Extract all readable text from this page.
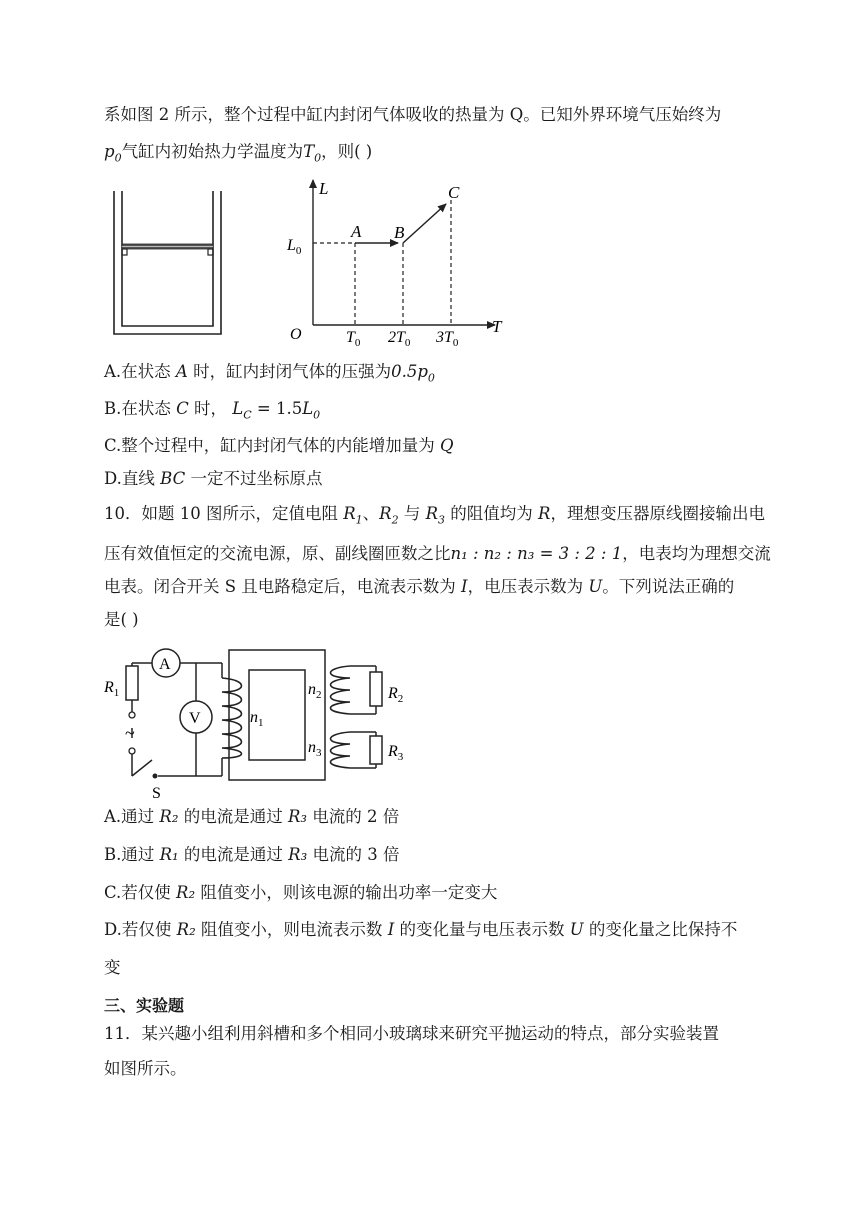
系如图 2 所示，整个过程中缸内封闭气体吸收的热量为 Q。已知外界环境气压始终为
$p_0$气缸内初始热力学温度为$T_0$，则( )
L
T
O
$L_0$
A B
C
$T_0$ $2T_0$ $3T_0$
A.在状态 A 时，缸内封闭气体的压强为$0.5p_0$
B.在状态 C 时， $L_C = 1.5L_0$
C.整个过程中，缸内封闭气体的内能增加量为 Q
D.直线 BC 一定不过坐标原点
10．如题 10 图所示，定值电阻 $R_1$、$R_2$ 与 $R_3$ 的阻值均为 R，理想变压器原线圈接输出电
压有效值恒定的交流电源，原、副线圈匝数之比n₁ : n₂ : n₃ = 3 : 2 : 1，电表均为理想交流
电表。闭合开关 S 且电路稳定后，电流表示数为 I，电压表示数为 U。下列说法正确的
是( )
~
A
V
S
$n_1$
$n_2$
$n_3$
$R_2$
$R_3$
$R_1$
A.通过 R₂ 的电流是通过 R₃ 电流的 2 倍
B.通过 R₁ 的电流是通过 R₃ 电流的 3 倍
C.若仅使 R₂ 阻值变小，则该电源的输出功率一定变大
D.若仅使 R₂ 阻值变小，则电流表示数 I 的变化量与电压表示数 U 的变化量之比保持不
变
三、实验题
11．某兴趣小组利用斜槽和多个相同小玻璃球来研究平抛运动的特点，部分实验装置
如图所示。
